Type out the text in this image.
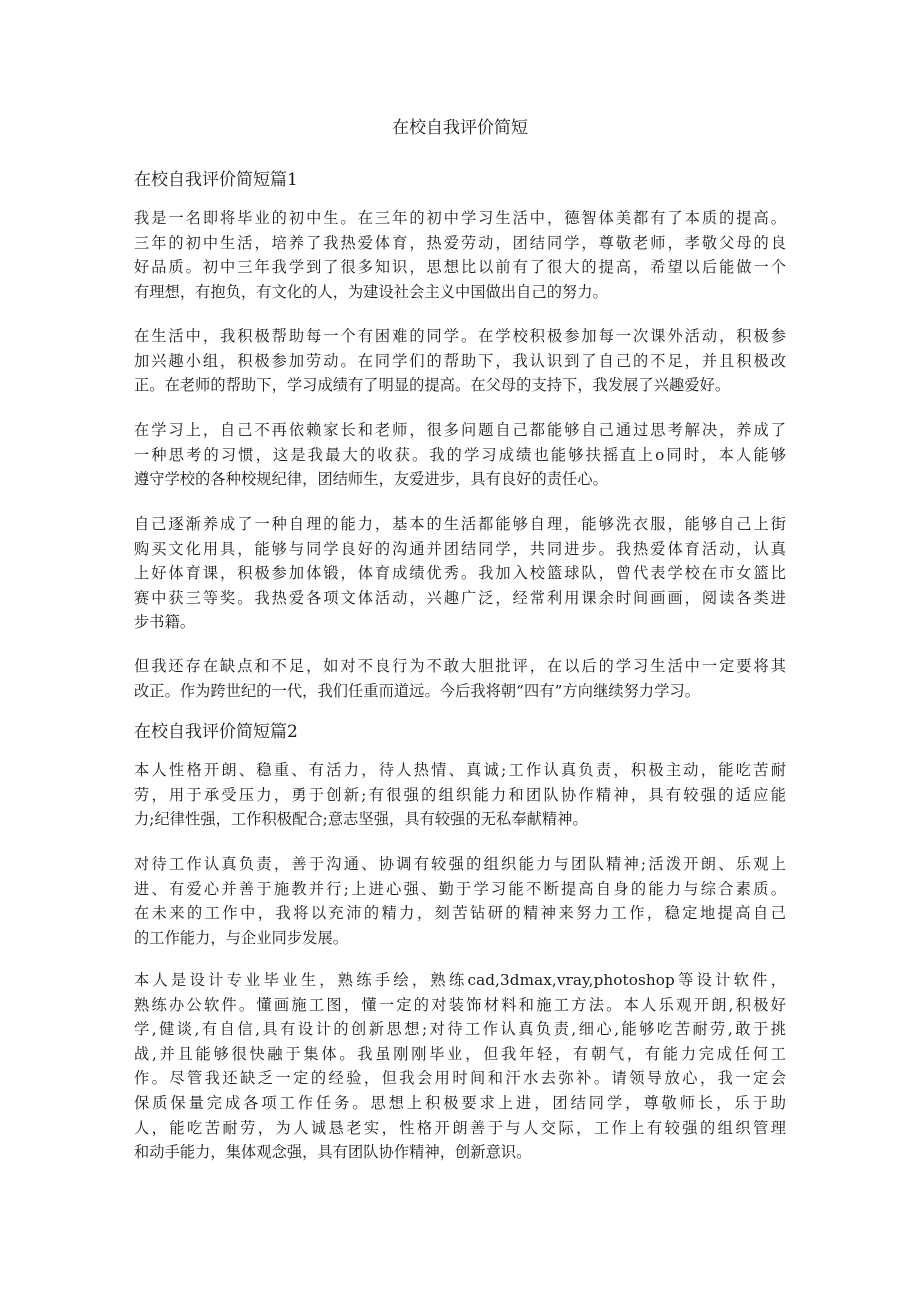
在校自我评价简短
在校自我评价简短篇1

我是一名即将毕业的初中生。在三年的初中学习生活中，德智体美都有了本质的提高。
三年的初中生活，培养了我热爱体育，热爱劳动，团结同学，尊敬老师，孝敬父母的良
好品质。初中三年我学到了很多知识，思想比以前有了很大的提高，希望以后能做一个
有理想，有抱负，有文化的人，为建设社会主义中国做出自己的努力。

在生活中，我积极帮助每一个有困难的同学。在学校积极参加每一次课外活动，积极参
加兴趣小组，积极参加劳动。在同学们的帮助下，我认识到了自己的不足，并且积极改
正。在老师的帮助下，学习成绩有了明显的提高。在父母的支持下，我发展了兴趣爱好。

在学习上，自己不再依赖家长和老师，很多问题自己都能够自己通过思考解决，养成了
一种思考的习惯，这是我最大的收获。我的学习成绩也能够扶摇直上o同时，本人能够
遵守学校的各种校规纪律，团结师生，友爱进步，具有良好的责任心。

自己逐渐养成了一种自理的能力，基本的生活都能够自理，能够洗衣服，能够自己上街
购买文化用具，能够与同学良好的沟通并团结同学，共同进步。我热爱体育活动，认真
上好体育课，积极参加体锻，体育成绩优秀。我加入校篮球队，曾代表学校在市女篮比
赛中获三等奖。我热爱各项文体活动，兴趣广泛，经常利用课余时间画画，阅读各类进
步书籍。

但我还存在缺点和不足，如对不良行为不敢大胆批评，在以后的学习生活中一定要将其
改正。作为跨世纪的一代，我们任重而道远。今后我将朝“四有”方向继续努力学习。

在校自我评价简短篇2

本人性格开朗、稳重、有活力，待人热情、真诚;工作认真负责，积极主动，能吃苦耐
劳，用于承受压力，勇于创新;有很强的组织能力和团队协作精神，具有较强的适应能
力;纪律性强，工作积极配合;意志坚强，具有较强的无私奉献精神。

对待工作认真负责，善于沟通、协调有较强的组织能力与团队精神;活泼开朗、乐观上
进、有爱心并善于施教并行;上进心强、勤于学习能不断提高自身的能力与综合素质。
在未来的工作中，我将以充沛的精力，刻苦钻研的精神来努力工作，稳定地提高自己
的工作能力，与企业同步发展。

本人是设计专业毕业生，熟练手绘，熟练cad,3dmax,vray,photoshop等设计软件，
熟练办公软件。懂画施工图，懂一定的对装饰材料和施工方法。本人乐观开朗,积极好
学,健谈,有自信,具有设计的创新思想;对待工作认真负责,细心,能够吃苦耐劳,敢于挑
战,并且能够很快融于集体。我虽刚刚毕业，但我年轻，有朝气，有能力完成任何工
作。尽管我还缺乏一定的经验，但我会用时间和汗水去弥补。请领导放心，我一定会
保质保量完成各项工作任务。思想上积极要求上进，团结同学，尊敬师长，乐于助
人，能吃苦耐劳，为人诚恳老实，性格开朗善于与人交际，工作上有较强的组织管理
和动手能力，集体观念强，具有团队协作精神，创新意识。
